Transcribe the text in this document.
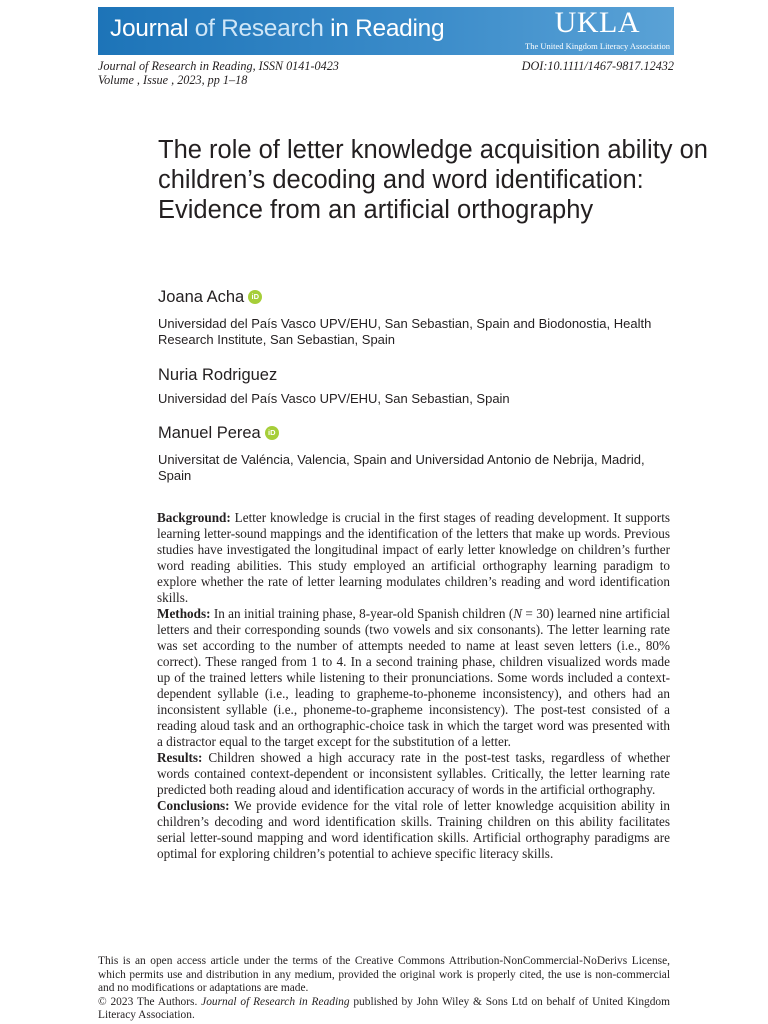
Journal of Research in Reading	UKLA
The United Kingdom Literacy Association
Journal of Research in Reading, ISSN 0141-0423
Volume , Issue , 2023, pp 1–18
DOI:10.1111/1467-9817.12432
The role of letter knowledge acquisition ability on children’s decoding and word identification: Evidence from an artificial orthography
Joana Acha
iD
Universidad del País Vasco UPV/EHU, San Sebastian, Spain and Biodonostia, Health Research Institute, San Sebastian, Spain
Nuria Rodriguez
Universidad del País Vasco UPV/EHU, San Sebastian, Spain
Manuel Perea
iD
Universitat de Valéncia, Valencia, Spain and Universidad Antonio de Nebrija, Madrid, Spain

Background: Letter knowledge is crucial in the first stages of reading development. It supports learning letter-sound mappings and the identification of the letters that make up words. Previous studies have investigated the longitudinal impact of early letter knowledge on children’s further word reading abilities. This study employed an artificial orthography learning paradigm to explore whether the rate of letter learning modulates children’s reading and word identification skills.

Methods: In an initial training phase, 8-year-old Spanish children (N = 30) learned nine artificial letters and their corresponding sounds (two vowels and six consonants). The letter learning rate was set according to the number of attempts needed to name at least seven letters (i.e., 80% correct). These ranged from 1 to 4. In a second training phase, children visualized words made up of the trained letters while listening to their pronunciations. Some words included a context-dependent syllable (i.e., leading to grapheme-to-phoneme inconsistency), and others had an inconsistent syllable (i.e., phoneme-to-grapheme inconsistency). The post-test consisted of a reading aloud task and an orthographic-choice task in which the target word was presented with a distractor equal to the target except for the substitution of a letter.

Results: Children showed a high accuracy rate in the post-test tasks, regardless of whether words contained context-dependent or inconsistent syllables. Critically, the letter learning rate predicted both reading aloud and identification accuracy of words in the artificial orthography.

Conclusions: We provide evidence for the vital role of letter knowledge acquisition ability in children’s decoding and word identification skills. Training children on this ability facilitates serial letter-sound mapping and word identification skills. Artificial orthography paradigms are optimal for exploring children’s potential to achieve specific literacy skills.

This is an open access article under the terms of the Creative Commons Attribution-NonCommercial-NoDerivs License, which permits use and distribution in any medium, provided the original work is properly cited, the use is non-commercial and no modifications or adaptations are made.

© 2023 The Authors. Journal of Research in Reading published by John Wiley & Sons Ltd on behalf of United Kingdom Literacy Association.
